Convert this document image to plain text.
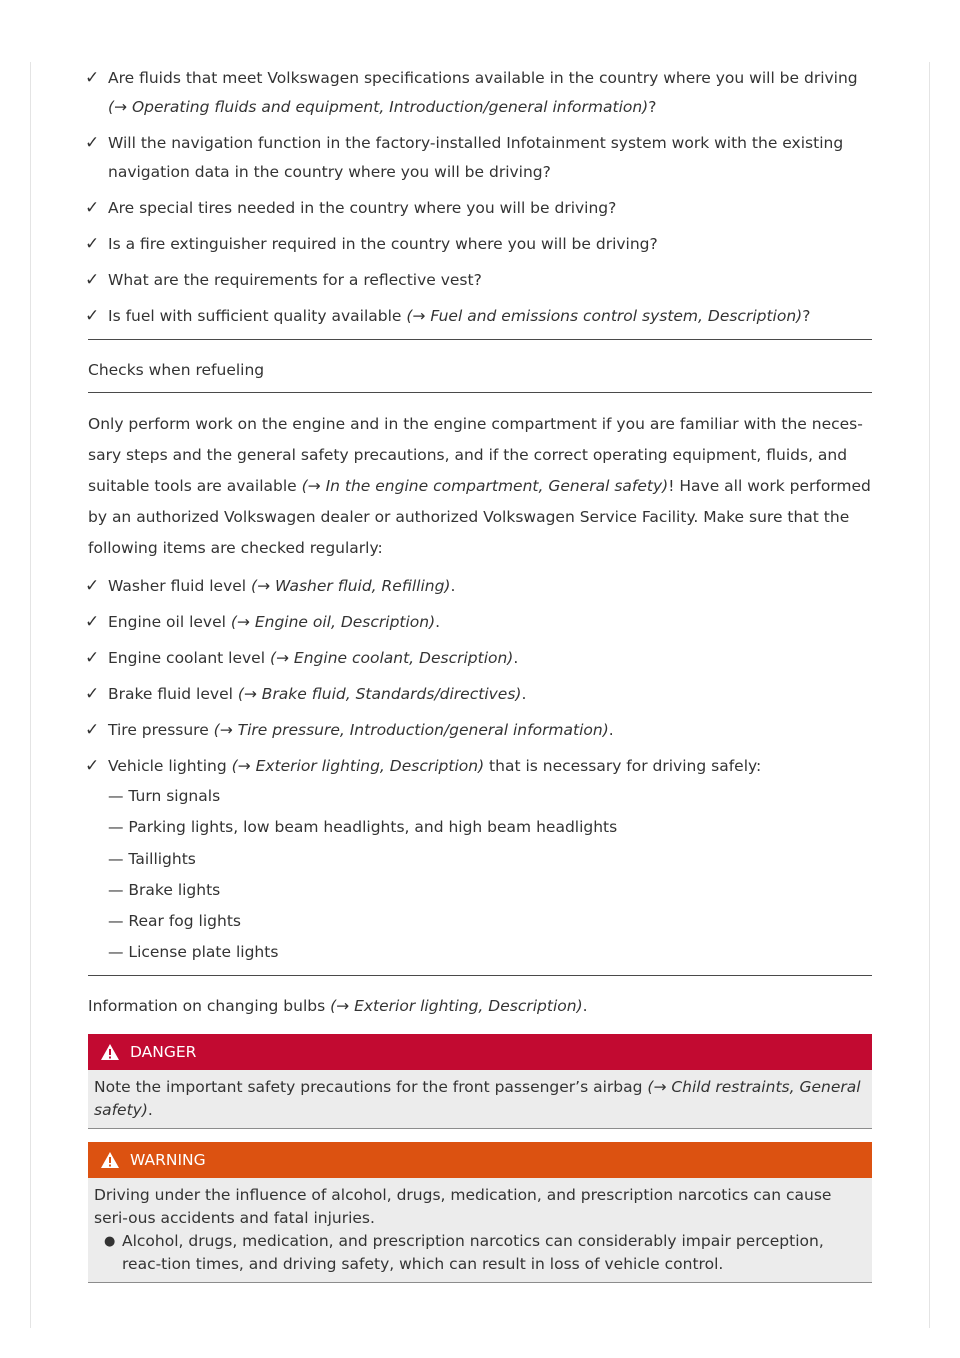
✓ Are fluids that meet Volkswagen specifications available in the country where you will be driving
(→ Operating fluids and equipment, Introduction/general information)?
✓ Will the navigation function in the factory-installed Infotainment system work with the existing navigation data in the country where you will be driving?
✓ Are special tires needed in the country where you will be driving?
✓ Is a fire extinguisher required in the country where you will be driving?
✓ What are the requirements for a reflective vest?
✓ Is fuel with sufficient quality available (→ Fuel and emissions control system, Description)?
Checks when refueling
Only perform work on the engine and in the engine compartment if you are familiar with the neces-sary steps and the general safety precautions, and if the correct operating equipment, fluids, and suitable tools are available (→ In the engine compartment, General safety)! Have all work performed by an authorized Volkswagen dealer or authorized Volkswagen Service Facility. Make sure that the following items are checked regularly:
✓ Washer fluid level (→ Washer fluid, Refilling).
✓ Engine oil level (→ Engine oil, Description).
✓ Engine coolant level (→ Engine coolant, Description).
✓ Brake fluid level (→ Brake fluid, Standards/directives).
✓ Tire pressure (→ Tire pressure, Introduction/general information).
✓ Vehicle lighting (→ Exterior lighting, Description) that is necessary for driving safely:
— Turn signals
— Parking lights, low beam headlights, and high beam headlights
— Taillights
— Brake lights
— Rear fog lights
— License plate lights
Information on changing bulbs (→ Exterior lighting, Description).
DANGER
Note the important safety precautions for the front passenger’s airbag (→ Child restraints, General safety).
WARNING
Driving under the influence of alcohol, drugs, medication, and prescription narcotics can cause seri-ous accidents and fatal injuries.
● Alcohol, drugs, medication, and prescription narcotics can considerably impair perception, reac-tion times, and driving safety, which can result in loss of vehicle control.
